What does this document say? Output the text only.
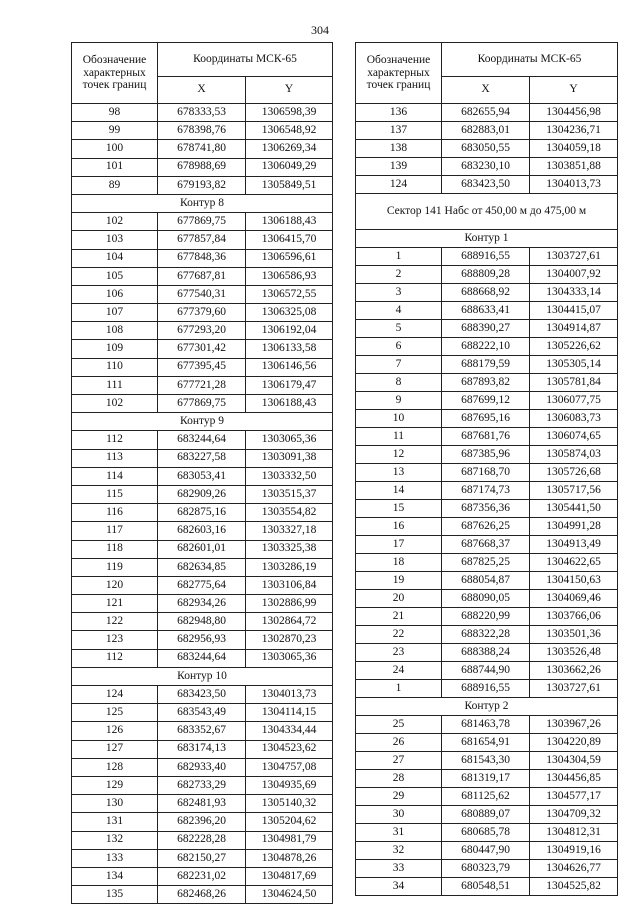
304
Обозначение характерных точек границ	Координаты МСК-65	
	X	Y
98	678333,53	1306598,39
99	678398,76	1306548,92
100	678741,80	1306269,34
101	678988,69	1306049,29
89	679193,82	1305849,51
Контур 8		
102	677869,75	1306188,43
103	677857,84	1306415,70
104	677848,36	1306596,61
105	677687,81	1306586,93
106	677540,31	1306572,55
107	677379,60	1306325,08
108	677293,20	1306192,04
109	677301,42	1306133,58
110	677395,45	1306146,56
111	677721,28	1306179,47
102	677869,75	1306188,43
Контур 9		
112	683244,64	1303065,36
113	683227,58	1303091,38
114	683053,41	1303332,50
115	682909,26	1303515,37
116	682875,16	1303554,82
117	682603,16	1303327,18
118	682601,01	1303325,38
119	682634,85	1303286,19
120	682775,64	1303106,84
121	682934,26	1302886,99
122	682948,80	1302864,72
123	682956,93	1302870,23
112	683244,64	1303065,36
Контур 10		
124	683423,50	1304013,73
125	683543,49	1304114,15
126	683352,67	1304334,44
127	683174,13	1304523,62
128	682933,40	1304757,08
129	682733,29	1304935,69
130	682481,93	1305140,32
131	682396,20	1305204,62
132	682228,28	1304981,79
133	682150,27	1304878,26
134	682231,02	1304817,69
135	682468,26	1304624,50
Обозначение характерных точек границ	Координаты МСК-65	
	X	Y
136	682655,94	1304456,98
137	682883,01	1304236,71
138	683050,55	1304059,18
139	683230,10	1303851,88
124	683423,50	1304013,73
Сектор 141 Набс от 450,00 м до 475,00 м		
Контур 1		
1	688916,55	1303727,61
2	688809,28	1304007,92
3	688668,92	1304333,14
4	688633,41	1304415,07
5	688390,27	1304914,87
6	688222,10	1305226,62
7	688179,59	1305305,14
8	687893,82	1305781,84
9	687699,12	1306077,75
10	687695,16	1306083,73
11	687681,76	1306074,65
12	687385,96	1305874,03
13	687168,70	1305726,68
14	687174,73	1305717,56
15	687356,36	1305441,50
16	687626,25	1304991,28
17	687668,37	1304913,49
18	687825,25	1304622,65
19	688054,87	1304150,63
20	688090,05	1304069,46
21	688220,99	1303766,06
22	688322,28	1303501,36
23	688388,24	1303526,48
24	688744,90	1303662,26
1	688916,55	1303727,61
Контур 2		
25	681463,78	1303967,26
26	681654,91	1304220,89
27	681543,30	1304304,59
28	681319,17	1304456,85
29	681125,62	1304577,17
30	680889,07	1304709,32
31	680685,78	1304812,31
32	680447,90	1304919,16
33	680323,79	1304626,77
34	680548,51	1304525,82
